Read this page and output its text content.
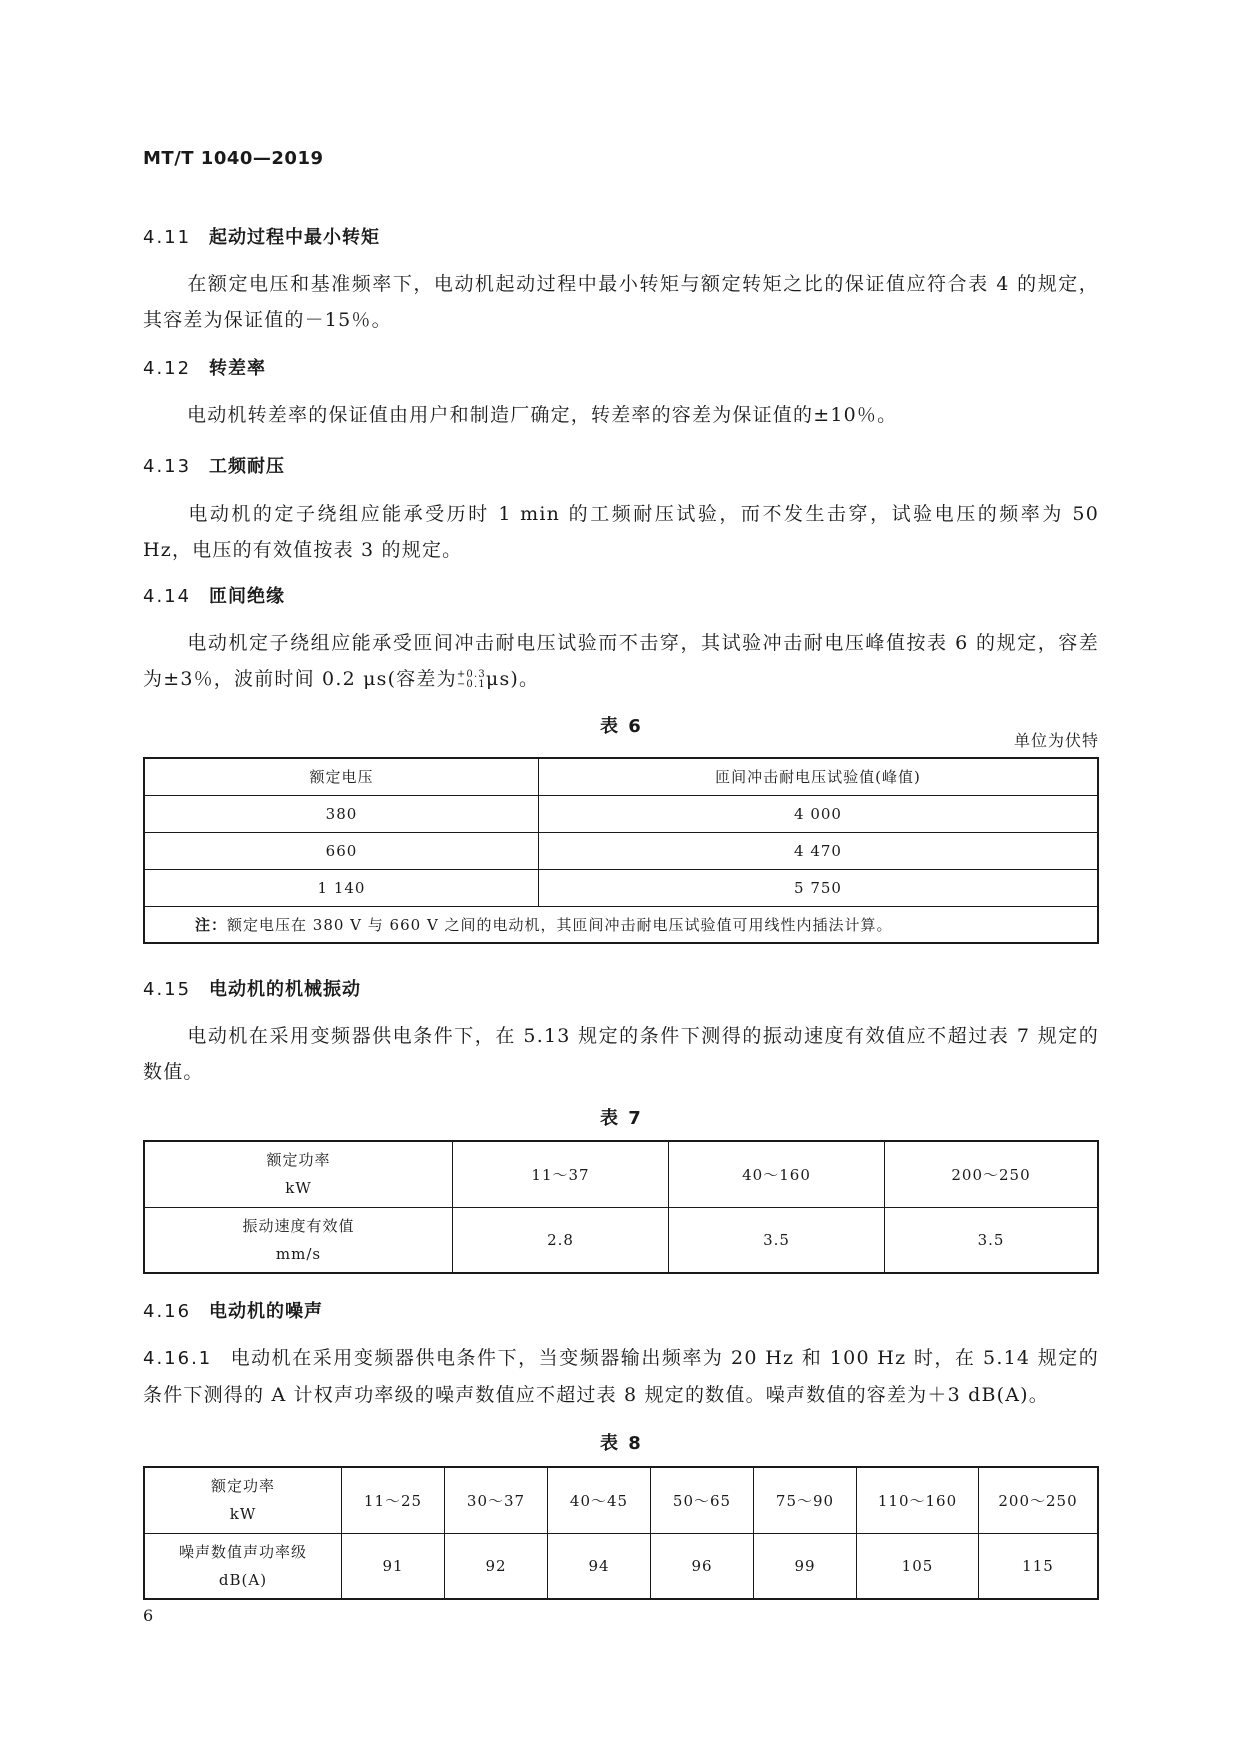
MT/T 1040—2019
4.11 起动过程中最小转矩
在额定电压和基准频率下，电动机起动过程中最小转矩与额定转矩之比的保证值应符合表 4 的规定，其容差为保证值的－15％。
4.12 转差率
电动机转差率的保证值由用户和制造厂确定，转差率的容差为保证值的±10％。
4.13 工频耐压
电动机的定子绕组应能承受历时 1 min 的工频耐压试验，而不发生击穿，试验电压的频率为 50 Hz，电压的有效值按表 3 的规定。
4.14 匝间绝缘
电动机定子绕组应能承受匝间冲击耐电压试验而不击穿，其试验冲击耐电压峰值按表 6 的规定，容差为±3％，波前时间 0.2 μs(容差为 +0.3
−0.1 μs)。
表 6
单位为伏特
额定电压	匝间冲击耐电压试验值(峰值)
380	4 000
660	4 470
1 140	5 750
注：额定电压在 380 V 与 660 V 之间的电动机，其匝间冲击耐电压试验值可用线性内插法计算。	
4.15 电动机的机械振动
电动机在采用变频器供电条件下，在 5.13 规定的条件下测得的振动速度有效值应不超过表 7 规定的数值。
表 7
额定功率
kW	11～37	40～160	200～250
振动速度有效值
mm/s	2.8	3.5	3.5
4.16 电动机的噪声
4.16.1 电动机在采用变频器供电条件下，当变频器输出频率为 20 Hz 和 100 Hz 时，在 5.14 规定的条件下测得的 A 计权声功率级的噪声数值应不超过表 8 规定的数值。噪声数值的容差为＋3 dB(A)。
表 8
额定功率
kW	11～25	30～37	40～45	50～65	75～90	110～160	200～250
噪声数值声功率级
dB(A)	91	92	94	96	99	105	115
6
